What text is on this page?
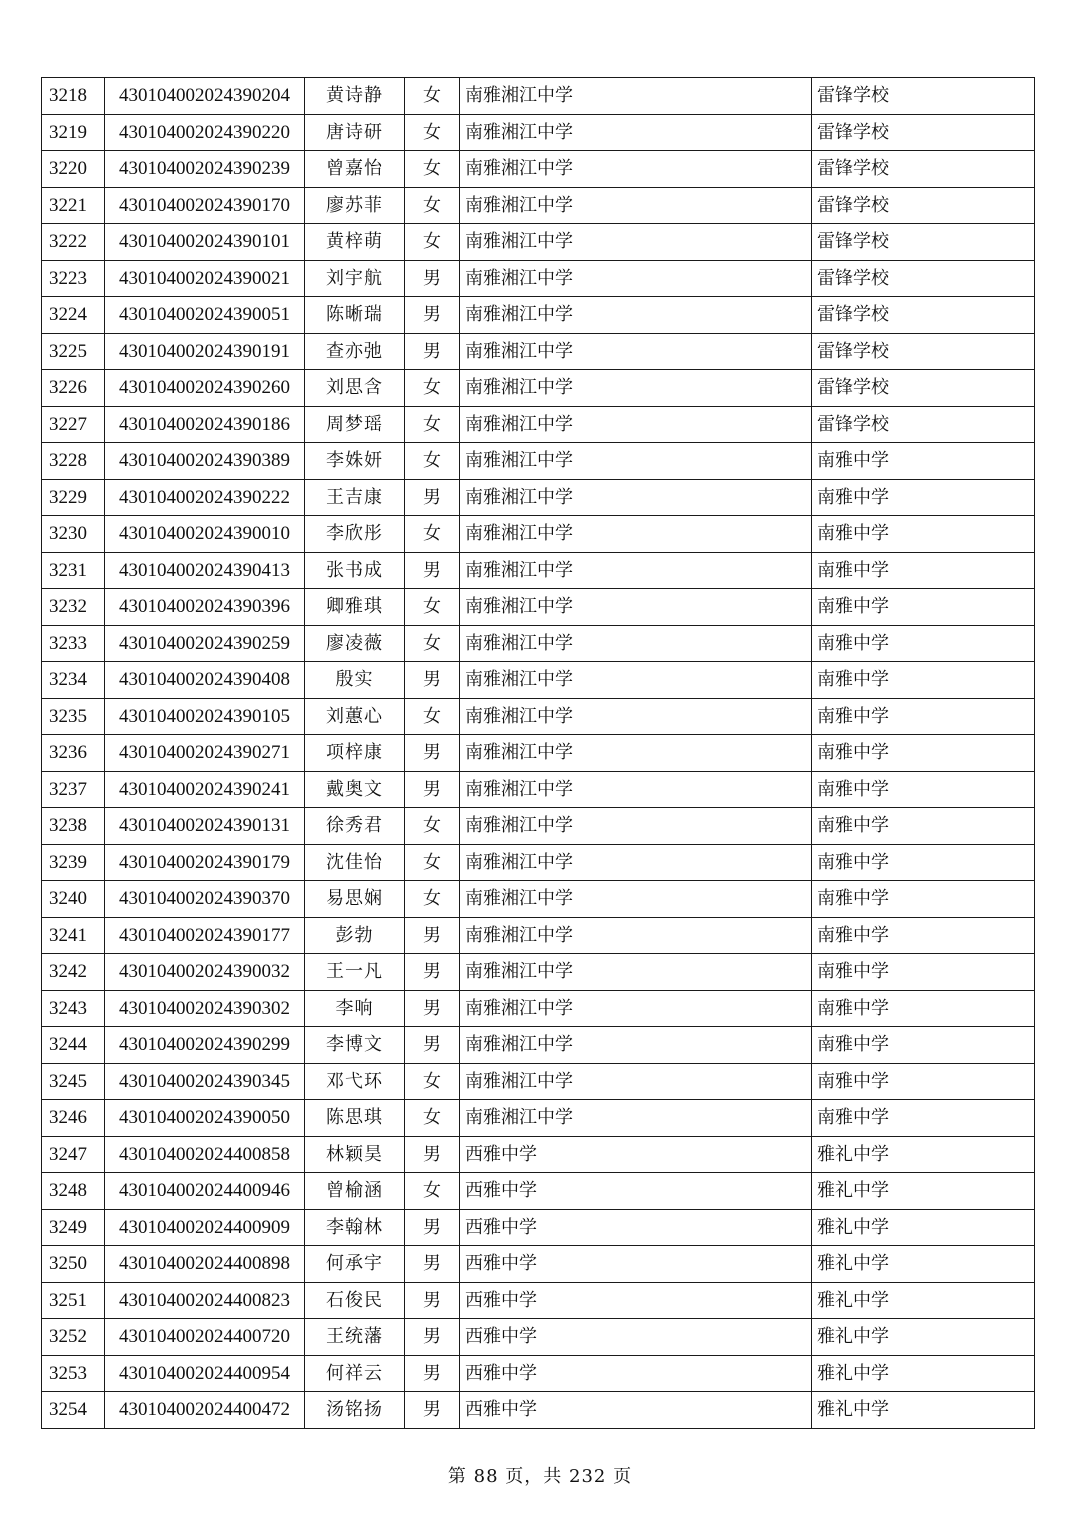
3218	430104002024390204	黄诗静	女	南雅湘江中学	雷锋学校
3219	430104002024390220	唐诗研	女	南雅湘江中学	雷锋学校
3220	430104002024390239	曾嘉怡	女	南雅湘江中学	雷锋学校
3221	430104002024390170	廖苏菲	女	南雅湘江中学	雷锋学校
3222	430104002024390101	黄梓萌	女	南雅湘江中学	雷锋学校
3223	430104002024390021	刘宇航	男	南雅湘江中学	雷锋学校
3224	430104002024390051	陈晰瑞	男	南雅湘江中学	雷锋学校
3225	430104002024390191	查亦弛	男	南雅湘江中学	雷锋学校
3226	430104002024390260	刘思含	女	南雅湘江中学	雷锋学校
3227	430104002024390186	周梦瑶	女	南雅湘江中学	雷锋学校
3228	430104002024390389	李姝妍	女	南雅湘江中学	南雅中学
3229	430104002024390222	王吉康	男	南雅湘江中学	南雅中学
3230	430104002024390010	李欣彤	女	南雅湘江中学	南雅中学
3231	430104002024390413	张书成	男	南雅湘江中学	南雅中学
3232	430104002024390396	卿雅琪	女	南雅湘江中学	南雅中学
3233	430104002024390259	廖凌薇	女	南雅湘江中学	南雅中学
3234	430104002024390408	殷实	男	南雅湘江中学	南雅中学
3235	430104002024390105	刘蕙心	女	南雅湘江中学	南雅中学
3236	430104002024390271	项梓康	男	南雅湘江中学	南雅中学
3237	430104002024390241	戴奥文	男	南雅湘江中学	南雅中学
3238	430104002024390131	徐秀君	女	南雅湘江中学	南雅中学
3239	430104002024390179	沈佳怡	女	南雅湘江中学	南雅中学
3240	430104002024390370	易思娴	女	南雅湘江中学	南雅中学
3241	430104002024390177	彭勃	男	南雅湘江中学	南雅中学
3242	430104002024390032	王一凡	男	南雅湘江中学	南雅中学
3243	430104002024390302	李响	男	南雅湘江中学	南雅中学
3244	430104002024390299	李博文	男	南雅湘江中学	南雅中学
3245	430104002024390345	邓弋环	女	南雅湘江中学	南雅中学
3246	430104002024390050	陈思琪	女	南雅湘江中学	南雅中学
3247	430104002024400858	林颖昊	男	西雅中学	雅礼中学
3248	430104002024400946	曾榆涵	女	西雅中学	雅礼中学
3249	430104002024400909	李翰林	男	西雅中学	雅礼中学
3250	430104002024400898	何承宇	男	西雅中学	雅礼中学
3251	430104002024400823	石俊民	男	西雅中学	雅礼中学
3252	430104002024400720	王统藩	男	西雅中学	雅礼中学
3253	430104002024400954	何祥云	男	西雅中学	雅礼中学
3254	430104002024400472	汤铭扬	男	西雅中学	雅礼中学
第 88 页，共 232 页
